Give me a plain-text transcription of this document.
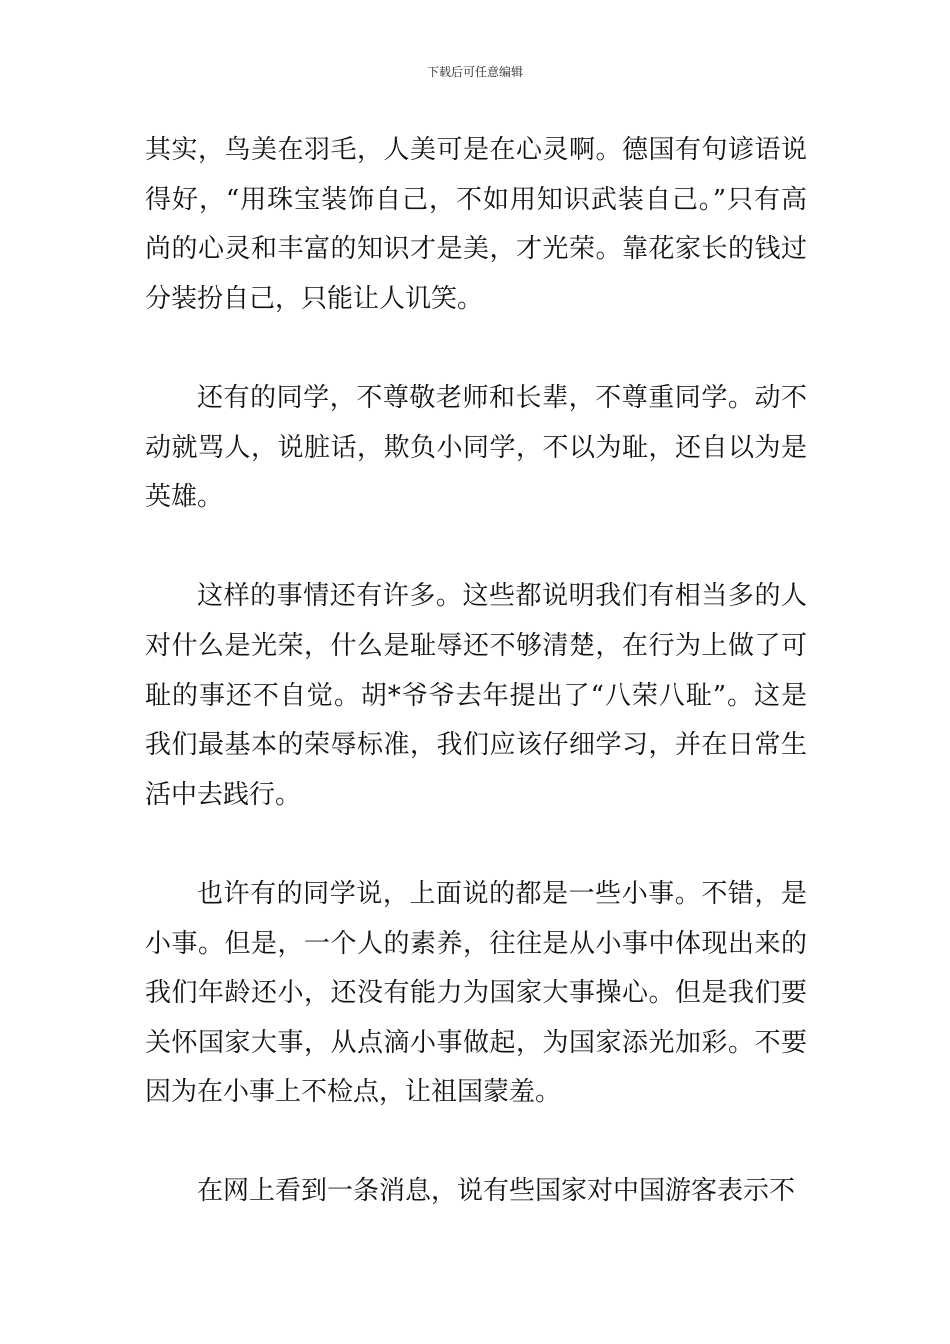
下载后可任意编辑

其实，鸟美在羽毛，人美可是在心灵啊。德国有句谚语说得好，“用珠宝装饰自己，不如用知识武装自己。”只有高尚的心灵和丰富的知识才是美，才光荣。靠花家长的钱过分装扮自己，只能让人讥笑。

还有的同学，不尊敬老师和长辈，不尊重同学。动不动就骂人，说脏话，欺负小同学，不以为耻，还自以为是英雄。

这样的事情还有许多。这些都说明我们有相当多的人对什么是光荣，什么是耻辱还不够清楚，在行为上做了可耻的事还不自觉。胡*爷爷去年提出了“八荣八耻”。这是我们最基本的荣辱标准，我们应该仔细学习，并在日常生活中去践行。

也许有的同学说，上面说的都是一些小事。不错，是小事。但是，一个人的素养，往往是从小事中体现出来的我们年龄还小，还没有能力为国家大事操心。但是我们要关怀国家大事，从点滴小事做起，为国家添光加彩。不要因为在小事上不检点，让祖国蒙羞。

在网上看到一条消息，说有些国家对中国游客表示不
